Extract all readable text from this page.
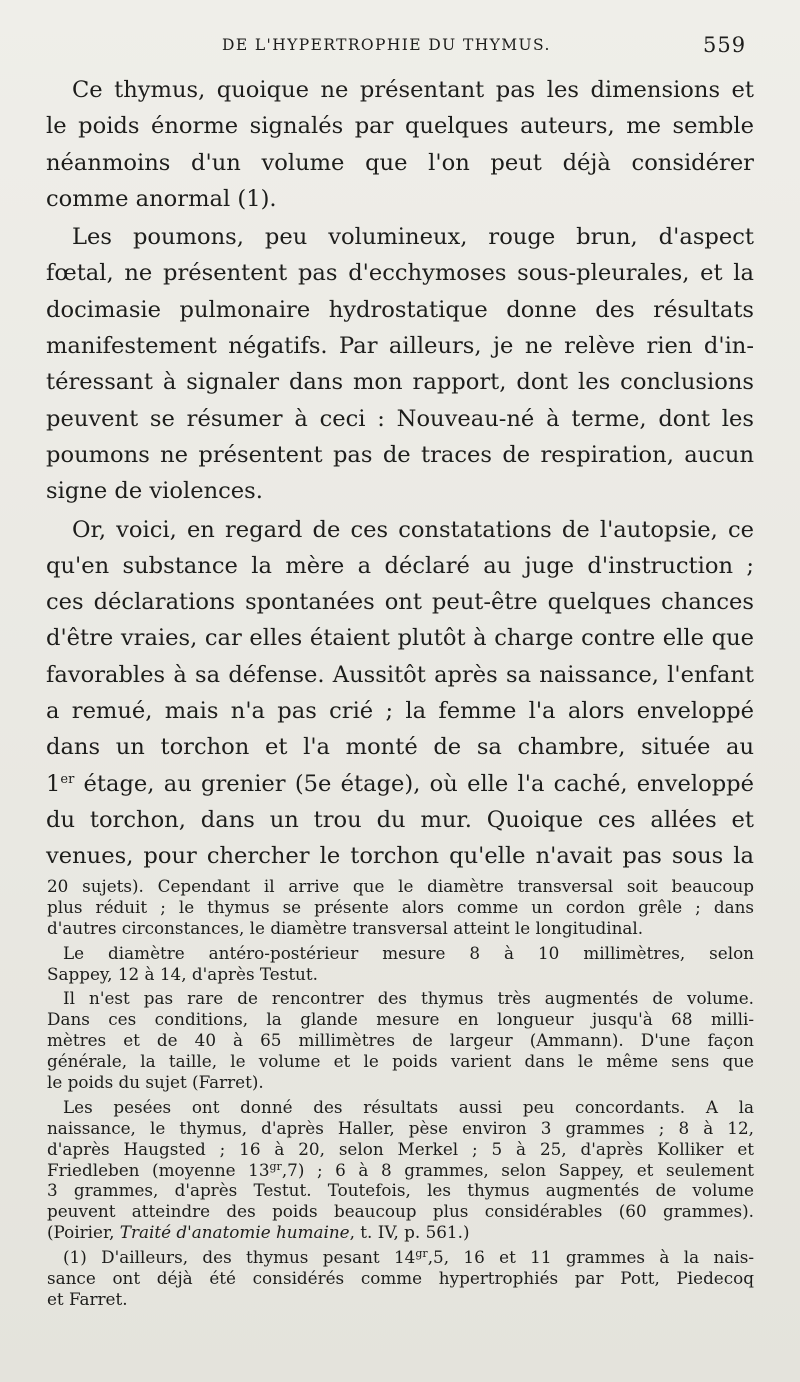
DE L'HYPERTROPHIE DU THYMUS.	559

Ce thymus, quoique ne présentant pas les dimensions et
le poids énorme signalés par quelques auteurs, me semble
néanmoins d'un volume que l'on peut déjà considérer
comme anormal (1).

Les poumons, peu volumineux, rouge brun, d'aspect
fœtal, ne présentent pas d'ecchymoses sous-pleurales, et la
docimasie pulmonaire hydrostatique donne des résultats
manifestement négatifs. Par ailleurs, je ne relève rien d'in-
téressant à signaler dans mon rapport, dont les conclusions
peuvent se résumer à ceci : Nouveau-né à terme, dont les
poumons ne présentent pas de traces de respiration, aucun
signe de violences.

Or, voici, en regard de ces constatations de l'autopsie, ce
qu'en substance la mère a déclaré au juge d'instruction ;
ces déclarations spontanées ont peut-être quelques chances
d'être vraies, car elles étaient plutôt à charge contre elle que
favorables à sa défense. Aussitôt après sa naissance, l'enfant
a remué, mais n'a pas crié ; la femme l'a alors enveloppé
dans un torchon et l'a monté de sa chambre, située au
1er étage, au grenier (5e étage), où elle l'a caché, enveloppé
du torchon, dans un trou du mur. Quoique ces allées et
venues, pour chercher le torchon qu'elle n'avait pas sous la

20 sujets). Cependant il arrive que le diamètre transversal soit beaucoup
plus réduit ; le thymus se présente alors comme un cordon grêle ; dans
d'autres circonstances, le diamètre transversal atteint le longitudinal.
Le diamètre antéro-postérieur mesure 8 à 10 millimètres, selon
Sappey, 12 à 14, d'après Testut.
Il n'est pas rare de rencontrer des thymus très augmentés de volume.
Dans ces conditions, la glande mesure en longueur jusqu'à 68 milli-
mètres et de 40 à 65 millimètres de largeur (Ammann). D'une façon
générale, la taille, le volume et le poids varient dans le même sens que
le poids du sujet (Farret).
Les pesées ont donné des résultats aussi peu concordants. A la
naissance, le thymus, d'après Haller, pèse environ 3 grammes ; 8 à 12,
d'après Haugsted ; 16 à 20, selon Merkel ; 5 à 25, d'après Kolliker et
Friedleben (moyenne $13^{gr},7$) ; 6 à 8 grammes, selon Sappey, et seulement
3 grammes, d'après Testut. Toutefois, les thymus augmentés de volume
peuvent atteindre des poids beaucoup plus considérables (60 grammes).
(Poirier, Traité d'anatomie humaine, t. IV, p. 561.)
(1) D'ailleurs, des thymus pesant $14^{gr},5$, 16 et 11 grammes à la nais-
sance ont déjà été considérés comme hypertrophiés par Pott, Piedecoq
et Farret.
